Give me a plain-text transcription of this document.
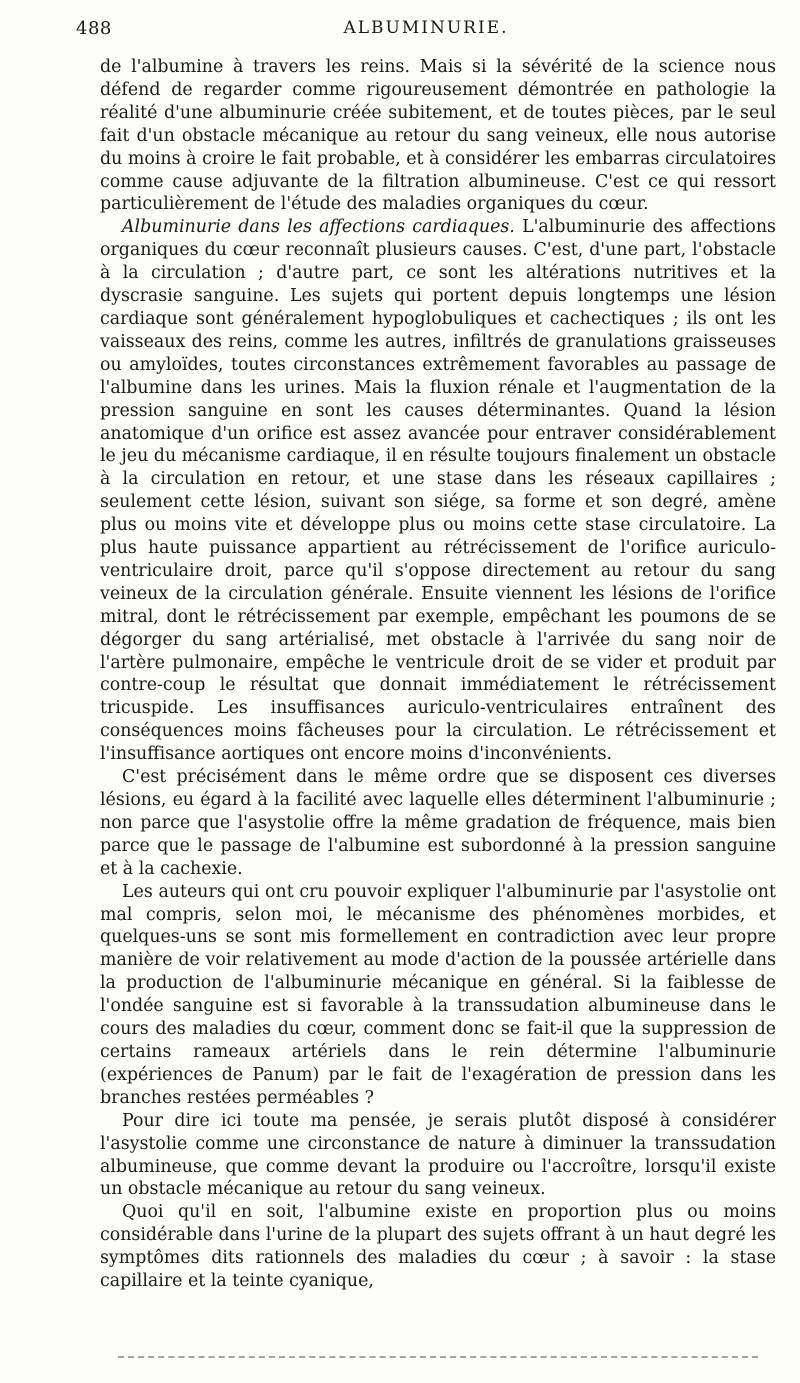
488	ALBUMINURIE.

de l'albumine à travers les reins. Mais si la sévérité de la science nous défend de regarder comme rigoureusement démontrée en pathologie la réalité d'une albuminurie créée subitement, et de toutes pièces, par le seul fait d'un obstacle mécanique au retour du sang veineux, elle nous autorise du moins à croire le fait probable, et à considérer les embarras circulatoires comme cause adjuvante de la filtration albumineuse. C'est ce qui ressort particulièrement de l'étude des maladies organiques du cœur.

Albuminurie dans les affections cardiaques. L'albuminurie des affections organiques du cœur reconnaît plusieurs causes. C'est, d'une part, l'obstacle à la circulation ; d'autre part, ce sont les altérations nutritives et la dyscrasie sanguine. Les sujets qui portent depuis longtemps une lésion cardiaque sont généralement hypoglobuliques et cachectiques ; ils ont les vaisseaux des reins, comme les autres, infiltrés de granulations graisseuses ou amyloïdes, toutes circonstances extrêmement favorables au passage de l'albumine dans les urines. Mais la fluxion rénale et l'augmentation de la pression sanguine en sont les causes déterminantes. Quand la lésion anatomique d'un orifice est assez avancée pour entraver considérablement le jeu du mécanisme cardiaque, il en résulte toujours finalement un obstacle à la circulation en retour, et une stase dans les réseaux capillaires ; seulement cette lésion, suivant son siége, sa forme et son degré, amène plus ou moins vite et développe plus ou moins cette stase circulatoire. La plus haute puissance appartient au rétrécissement de l'orifice auriculo-ventriculaire droit, parce qu'il s'oppose directement au retour du sang veineux de la circulation générale. Ensuite viennent les lésions de l'orifice mitral, dont le rétrécissement par exemple, empêchant les poumons de se dégorger du sang artérialisé, met obstacle à l'arrivée du sang noir de l'artère pulmonaire, empêche le ventricule droit de se vider et produit par contre-coup le résultat que donnait immédiatement le rétrécissement tricuspide. Les insuffisances auriculo-ventriculaires entraînent des conséquences moins fâcheuses pour la circulation. Le rétrécissement et l'insuffisance aortiques ont encore moins d'inconvénients.

C'est précisément dans le même ordre que se disposent ces diverses lésions, eu égard à la facilité avec laquelle elles déterminent l'albuminurie ; non parce que l'asystolie offre la même gradation de fréquence, mais bien parce que le passage de l'albumine est subordonné à la pression sanguine et à la cachexie.

Les auteurs qui ont cru pouvoir expliquer l'albuminurie par l'asystolie ont mal compris, selon moi, le mécanisme des phénomènes morbides, et quelques-uns se sont mis formellement en contradiction avec leur propre manière de voir relativement au mode d'action de la poussée artérielle dans la production de l'albuminurie mécanique en général. Si la faiblesse de l'ondée sanguine est si favorable à la transsudation albumineuse dans le cours des maladies du cœur, comment donc se fait-il que la suppression de certains rameaux artériels dans le rein détermine l'albuminurie (expériences de Panum) par le fait de l'exagération de pression dans les branches restées perméables ?

Pour dire ici toute ma pensée, je serais plutôt disposé à considérer l'asystolie comme une circonstance de nature à diminuer la transsudation albumineuse, que comme devant la produire ou l'accroître, lorsqu'il existe un obstacle mécanique au retour du sang veineux.

Quoi qu'il en soit, l'albumine existe en proportion plus ou moins considérable dans l'urine de la plupart des sujets offrant à un haut degré les symptômes dits rationnels des maladies du cœur ; à savoir : la stase capillaire et la teinte cyanique,
